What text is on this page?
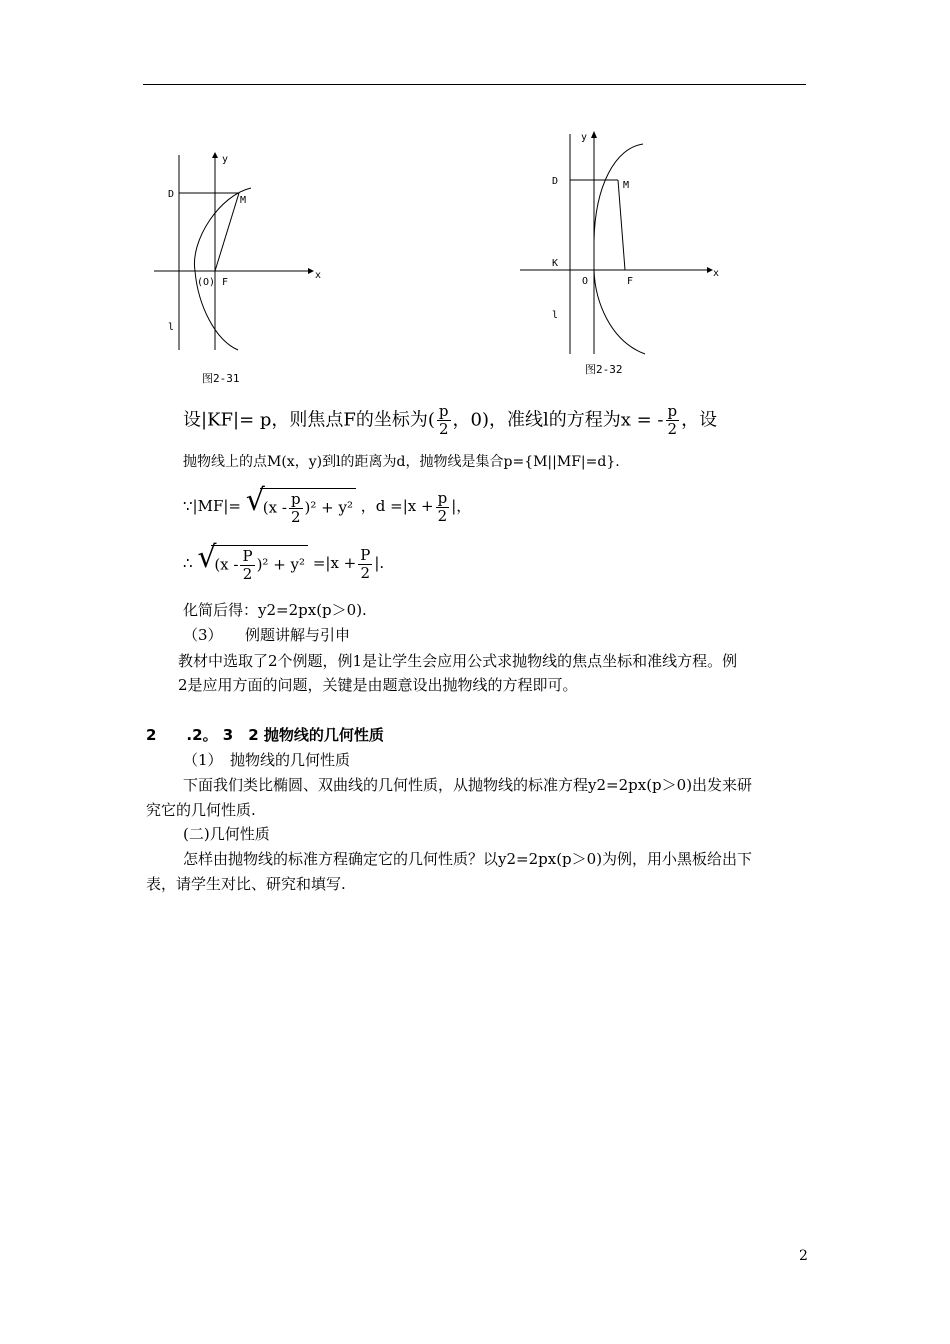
y
x
D
M
(O) F
l
图2-31
y
x
D	M
K
O	F
l
图2-32
设|KF|= p，则焦点F的坐标为( $\frac{p}{2}$ ，0)，准线l的方程为x = - $\frac{p}{2}$ ，设
抛物线上的点M(x，y)到l的距离为d，抛物线是集合p={M||MF|=d}.
∵|MF|= √
$(x - \frac{p}{2} )^2 + y^2$ ，$d =|x + \frac{p}{2}$ |，
∴ √
$(x - \frac{P}{2} )^2 + y^2 =|x + \frac{P}{2}$ |.
化简后得：y2=2px(p＞0).
（3）　　例题讲解与引申
教材中选取了2个例题，例1是让学生会应用公式求抛物线的焦点坐标和准线方程。例
2是应用方面的问题，关键是由题意设出抛物线的方程即可。
2　　.2。 3　2 抛物线的几何性质
（1）　抛物线的几何性质
下面我们类比椭圆、双曲线的几何性质，从抛物线的标准方程y2=2px(p＞0)出发来研
究它的几何性质.
(二)几何性质
怎样由抛物线的标准方程确定它的几何性质？以y2=2px(p＞0)为例，用小黑板给出下
表，请学生对比、研究和填写.
2
